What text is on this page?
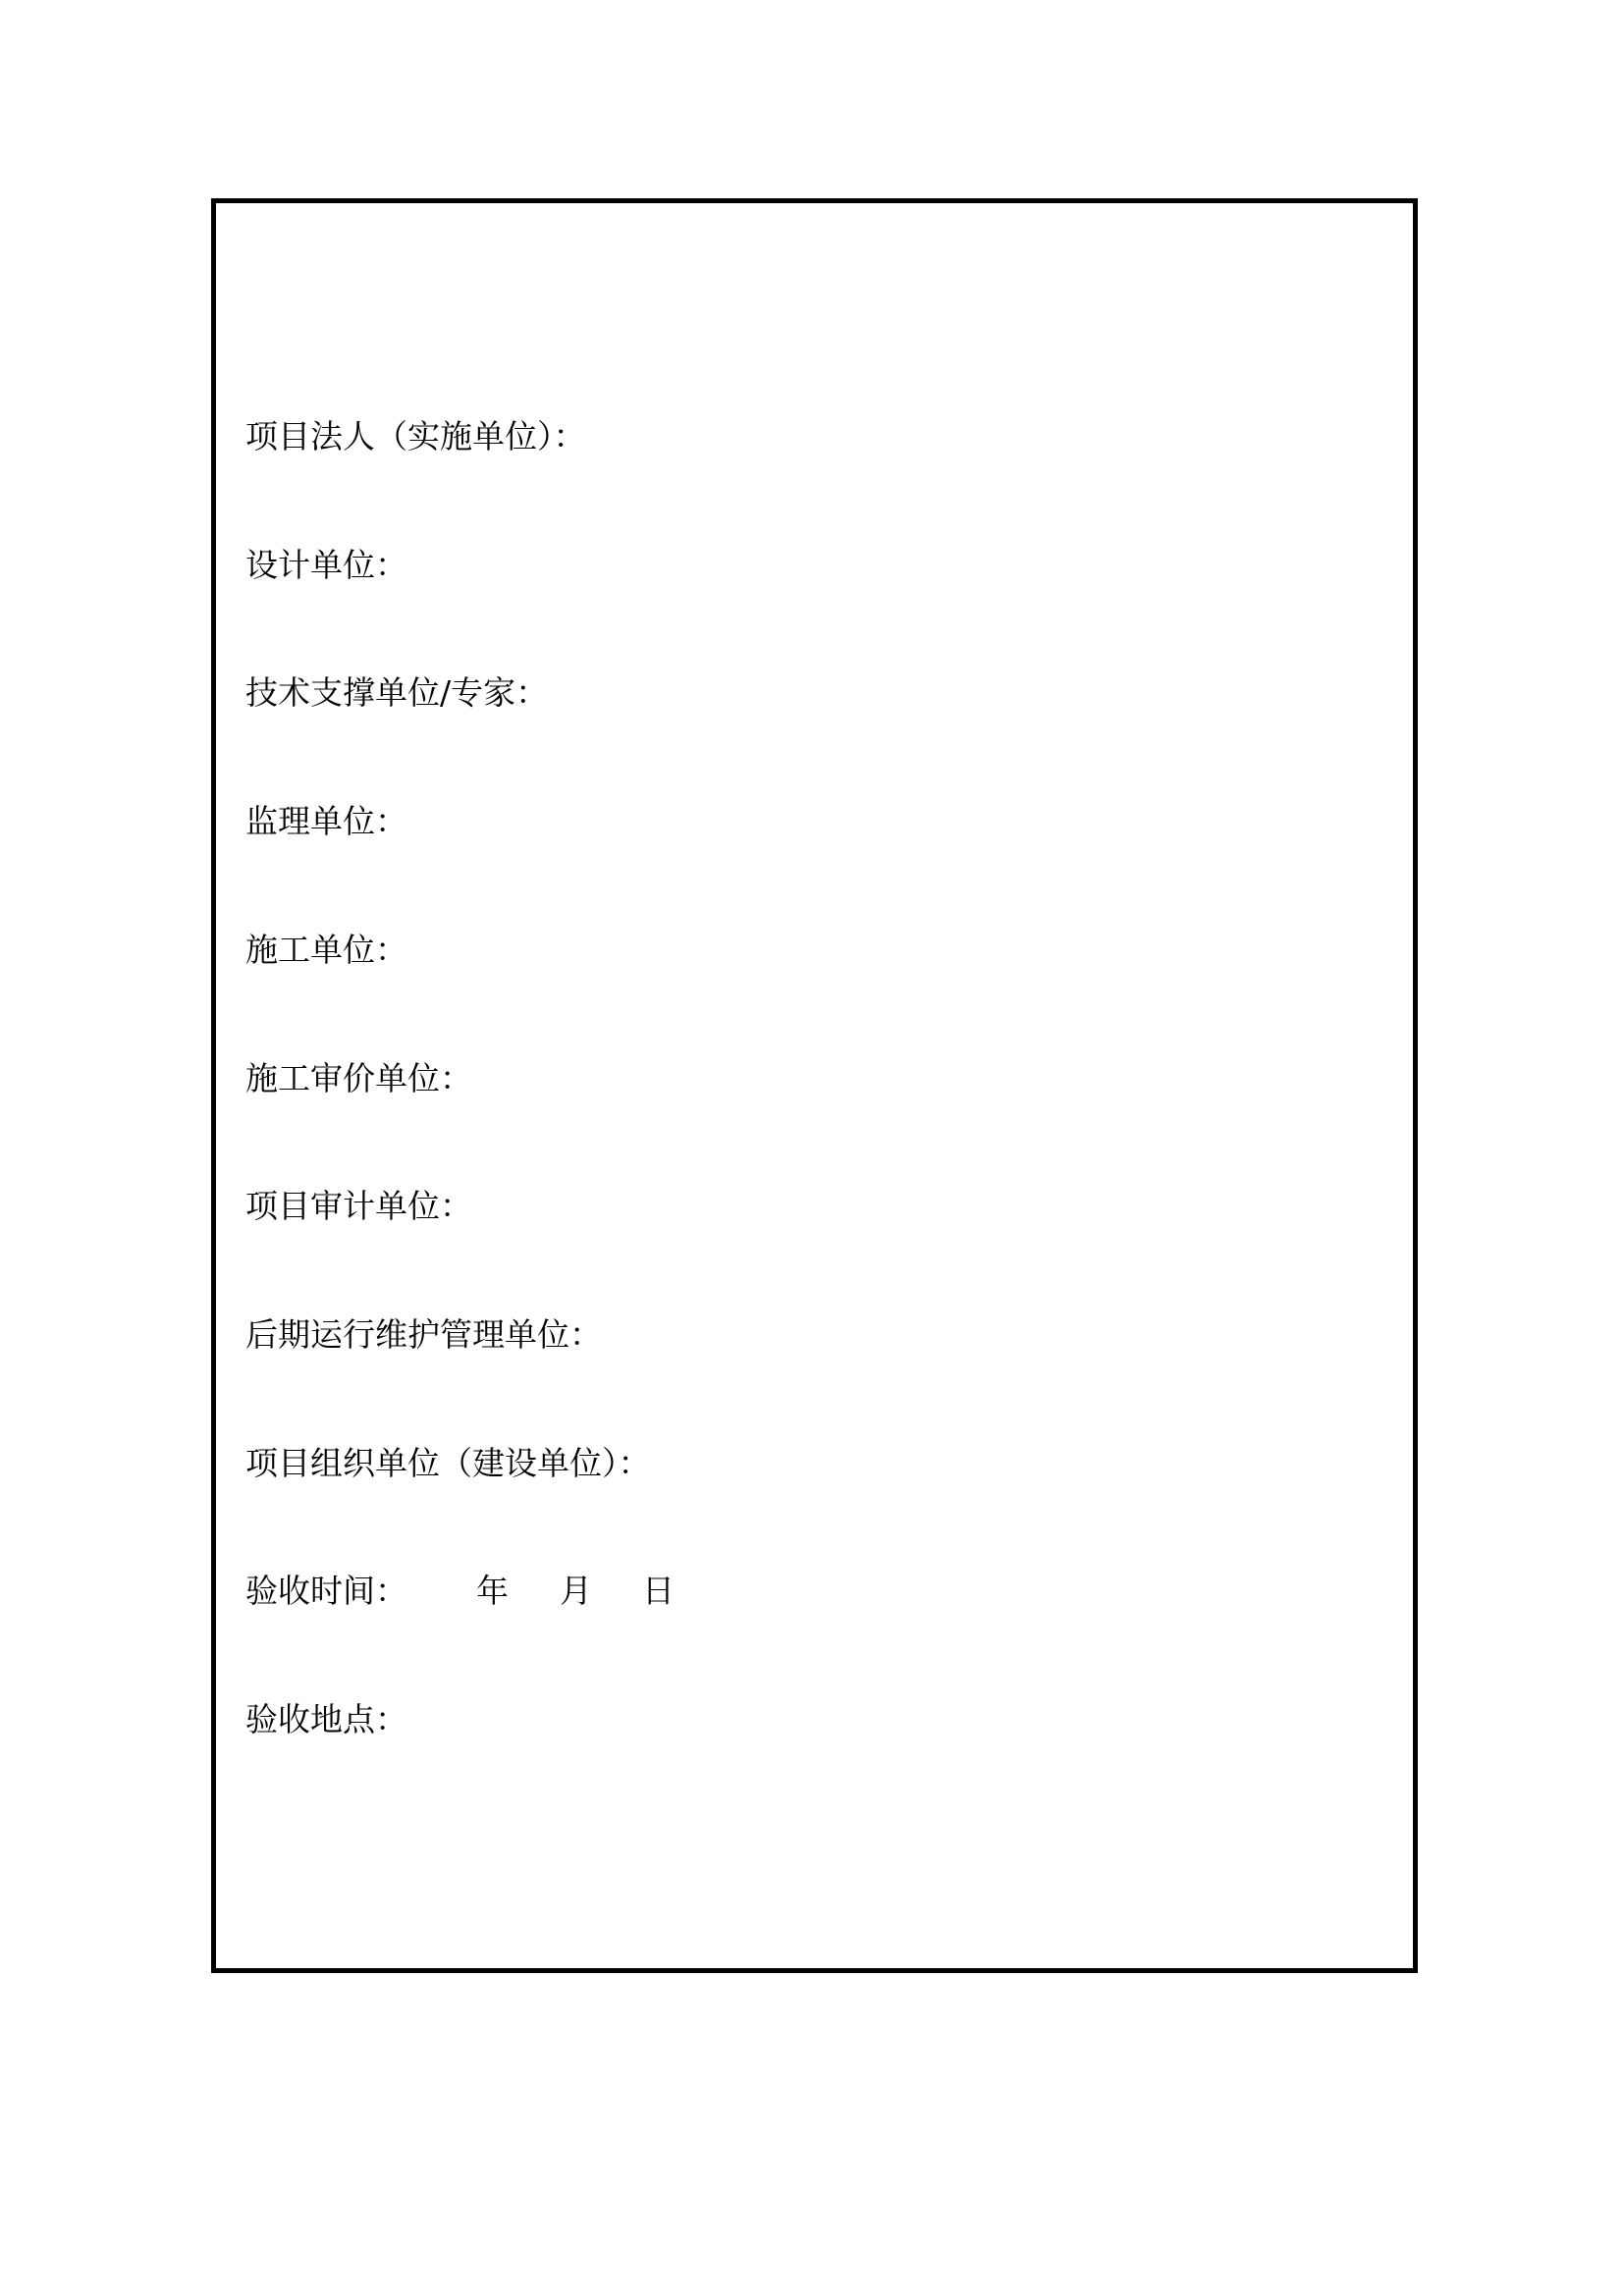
项目法人（实施单位）：
设计单位：
技术支撑单位/专家：
监理单位：
施工单位：
施工审价单位：
项目审计单位：
后期运行维护管理单位：
项目组织单位（建设单位）：
验收时间： 年 月 日
验收地点：
